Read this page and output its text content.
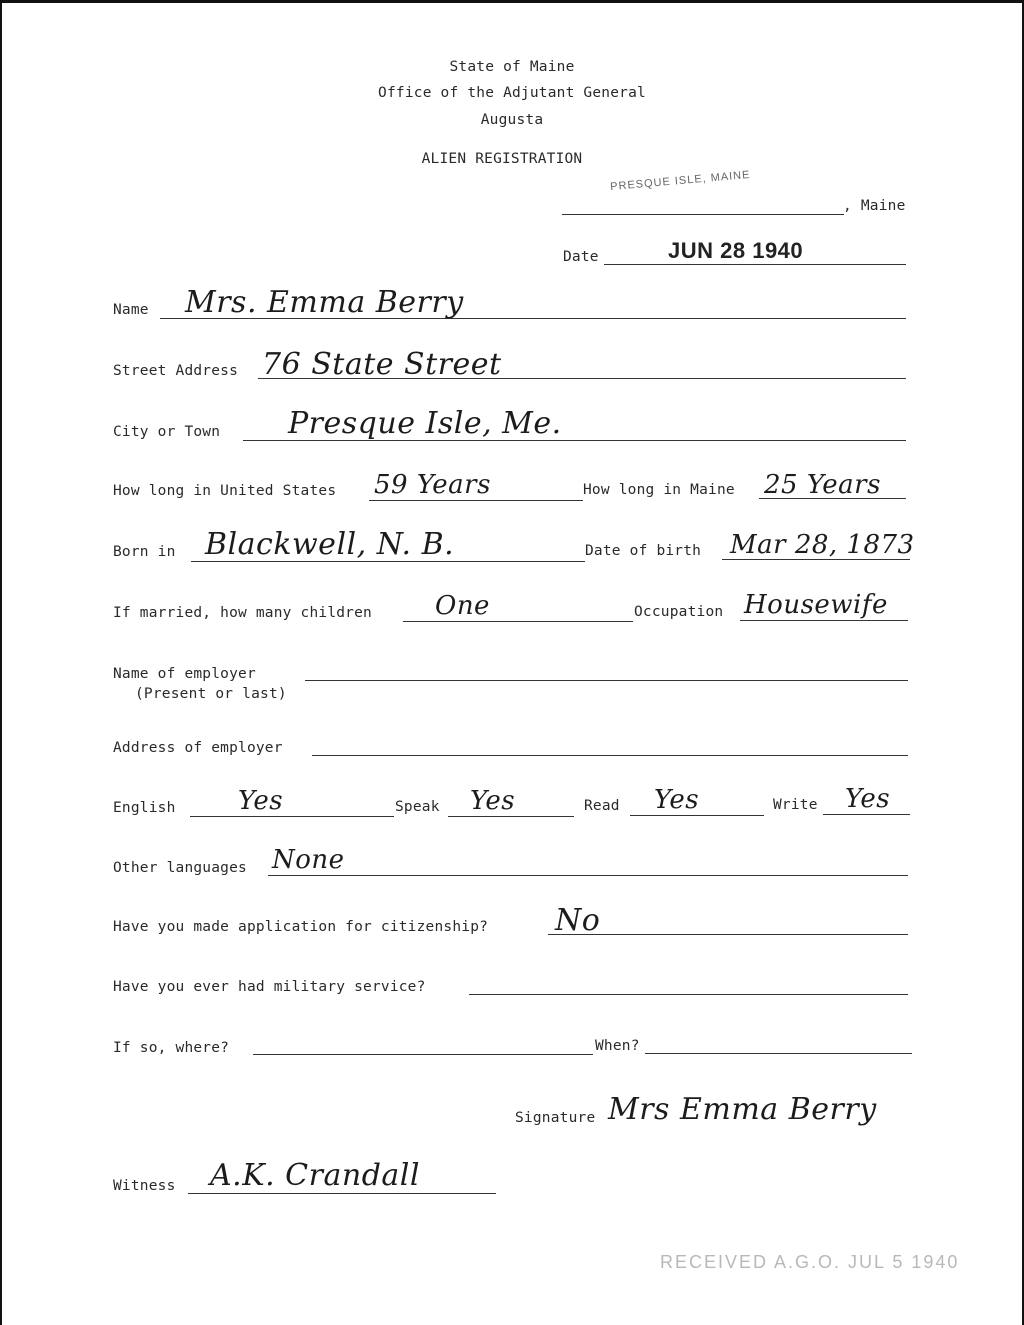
State of Maine
Office of the Adjutant General
Augusta
ALIEN REGISTRATION
PRESQUE ISLE, MAINE
, Maine
Date	JUN 28 1940
Name Mrs. Emma Berry
Street Address 76 State Street
City or Town Presque Isle, Me.
How long in United States 59 Years	How long in Maine 25 Years
Born in Blackwell, N. B.	Date of birth Mar 28, 1873
If married, how many children One	Occupation Housewife
Name of employer
(Present or last)
Address of employer
English Yes	Speak Yes	Read Yes	Write Yes
Other languages None
Have you made application for citizenship? No
Have you ever had military service?
If so, where?	When?
Signature Mrs Emma Berry
Witness A.K. Crandall
RECEIVED A.G.O. JUL 5 1940
